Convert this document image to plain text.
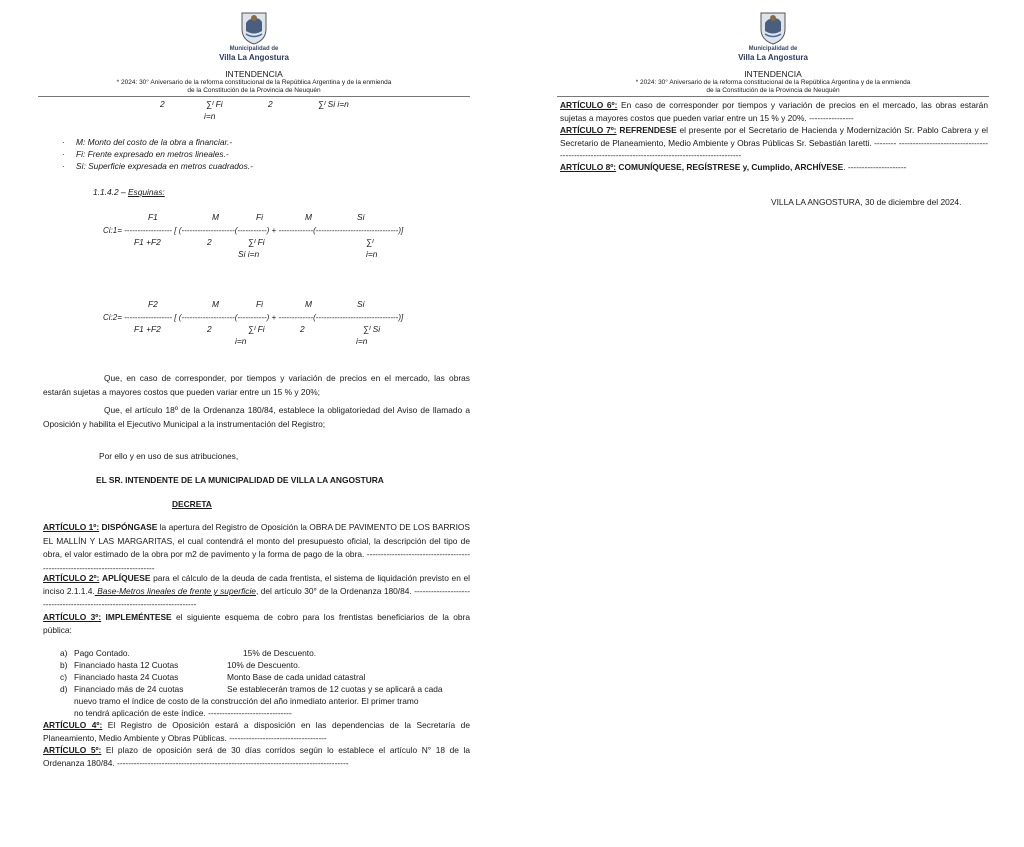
Municipalidad de
Villa La Angostura
INTENDENCIA
* 2024: 30° Aniversario de la reforma constitucional de la República Argentina y de la enmienda
de la Constitución de la Provincia de Neuquén
2	∑ᴵ Fi	2	∑ᴵ Si i=n
i=n
· M: Monto del costo de la obra a financiar.-
· Fi: Frente expresado en metros lineales.-
· Si: Superficie expresada en metros cuadrados.-
1.1.4.2 – Esquinas:
F1	M	Fi	M	Si
Ci:1= ------------------ [ (--------------------(-----------) + -------------(-------------------------------)]
F1 +F2	2	∑ᴵ Fi	∑ᴵ
Si i=n	i=n
F2	M	Fi	M	Si
Ci:2= ------------------ [ (--------------------(-----------) + -------------(-------------------------------)]
F1 +F2	2	∑ᴵ Fi	2	∑ᴵ Si
i=n	i=n
Que, en caso de corresponder, por tiempos y variación de precios en el mercado, las obras estarán sujetas a mayores costos que pueden variar entre un 15 % y 20%;
Que, el artículo 18º de la Ordenanza 180/84, establece la obligatoriedad del Aviso de llamado a Oposición y habilita el Ejecutivo Municipal a la instrumentación del Registro;
Por ello y en uso de sus atribuciones,
EL SR. INTENDENTE DE LA MUNICIPALIDAD DE VILLA LA ANGOSTURA
DECRETA
ARTÍCULO 1º: DISPÓNGASE la apertura del Registro de Oposición la OBRA DE PAVIMENTO DE LOS BARRIOS EL MALLÍN Y LAS MARGARITAS, el cual contendrá el monto del presupuesto oficial, la descripción del tipo de obra, el valor estimado de la obra por m2 de pavimento y la forma de pago de la obra. -----------------------------------------------------------------------------
ARTÍCULO 2º: APLÍQUESE para el cálculo de la deuda de cada frentista, el sistema de liquidación previsto en el inciso 2.1.1.4. Base-Metros lineales de frente y superficie, del artículo 30° de la Ordenanza 180/84. ---------------------------------------------------------------------------
ARTÍCULO 3º: IMPLEMÉNTESE el siguiente esquema de cobro para los frentistas beneficiarios de la obra pública:
a) Pago Contado.	15% de Descuento.
b) Financiado hasta 12 Cuotas	10% de Descuento.
c) Financiado hasta 24 Cuotas	Monto Base de cada unidad catastral
d) Financiado más de 24 cuotas	Se establecerán tramos de 12 cuotas y se aplicará a cada
nuevo tramo el índice de costo de la construcción del año inmediato anterior. El primer tramo
no tendrá aplicación de este índice. ------------------------------
ARTÍCULO 4º: El Registro de Oposición estará a disposición en las dependencias de la Secretaría de Planeamiento, Medio Ambiente y Obras Públicas. -----------------------------------
ARTÍCULO 5º: El plazo de oposición será de 30 días corridos según lo establece el artículo N° 18 de la Ordenanza 180/84. -----------------------------------------------------------------------------------
Municipalidad de
Villa La Angostura
INTENDENCIA
* 2024: 30° Aniversario de la reforma constitucional de la República Argentina y de la enmienda
de la Constitución de la Provincia de Neuquén
ARTÍCULO 6º: En caso de corresponder por tiempos y variación de precios en el mercado, las obras estarán sujetas a mayores costos que pueden variar entre un 15 % y 20%. ----------------
ARTÍCULO 7º: REFRENDESE el presente por el Secretario de Hacienda y Modernización Sr. Pablo Cabrera y el Secretario de Planeamiento, Medio Ambiente y Obras Públicas Sr. Sebastián Iaretti. -------- -------------------------------------------------------------------------------------------------
ARTÍCULO 8º: COMUNÍQUESE, REGÍSTRESE y, Cumplido, ARCHÍVESE. ---------------------
VILLA LA ANGOSTURA, 30 de diciembre del 2024.
